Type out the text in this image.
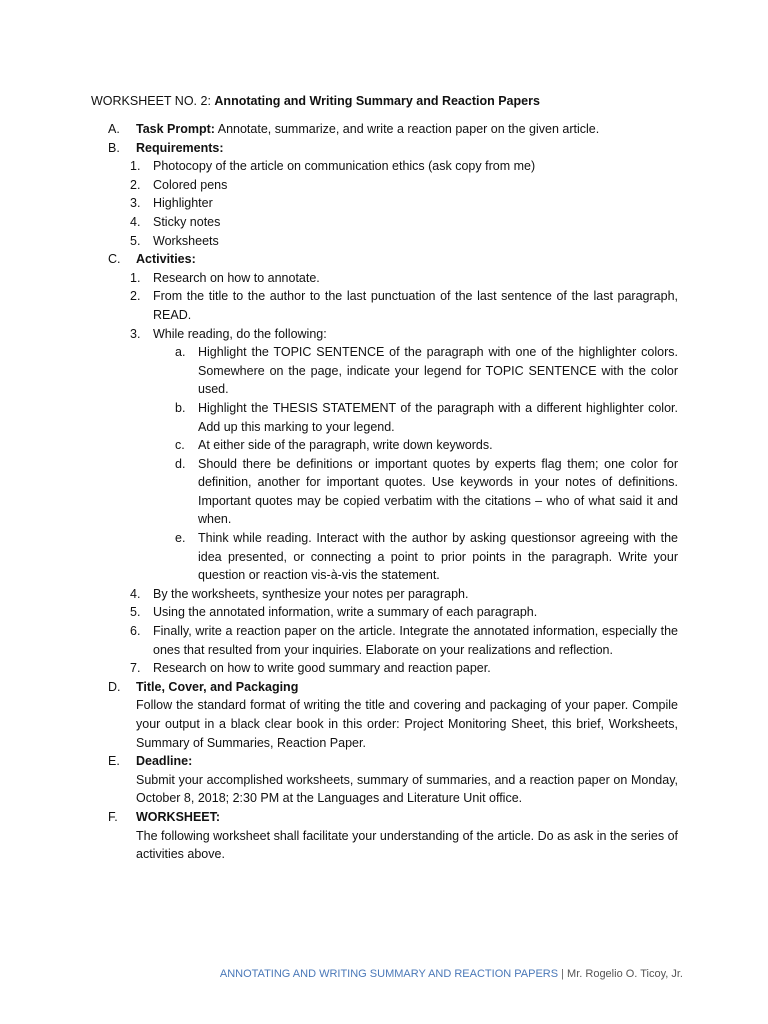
WORKSHEET NO. 2: Annotating and Writing Summary and Reaction Papers
A.	Task Prompt: Annotate, summarize, and write a reaction paper on the given article.
B.	Requirements:
1. Photocopy of the article on communication ethics (ask copy from me)
2. Colored pens
3. Highlighter
4. Sticky notes
5. Worksheets
C.	Activities:
1. Research on how to annotate.
2. From the title to the author to the last punctuation of the last sentence of the last paragraph, READ.
3. While reading, do the following:
a. Highlight the TOPIC SENTENCE of the paragraph with one of the highlighter colors. Somewhere on the page, indicate your legend for TOPIC SENTENCE with the color used.
b. Highlight the THESIS STATEMENT of the paragraph with a different highlighter color. Add up this marking to your legend.
c. At either side of the paragraph, write down keywords.
d. Should there be definitions or important quotes by experts flag them; one color for definition, another for important quotes. Use keywords in your notes of definitions. Important quotes may be copied verbatim with the citations – who of what said it and when.
e. Think while reading. Interact with the author by asking questionsor agreeing with the idea presented, or connecting a point to prior points in the paragraph. Write your question or reaction vis-à-vis the statement.
4. By the worksheets, synthesize your notes per paragraph.
5. Using the annotated information, write a summary of each paragraph.
6. Finally, write a reaction paper on the article. Integrate the annotated information, especially the ones that resulted from your inquiries. Elaborate on your realizations and reflection.
7. Research on how to write good summary and reaction paper.
D.	Title, Cover, and Packaging
Follow the standard format of writing the title and covering and packaging of your paper. Compile your output in a black clear book in this order: Project Monitoring Sheet, this brief, Worksheets, Summary of Summaries, Reaction Paper.
E.	Deadline:
Submit your accomplished worksheets, summary of summaries, and a reaction paper on Monday, October 8, 2018; 2:30 PM at the Languages and Literature Unit office.
F.	WORKSHEET:
The following worksheet shall facilitate your understanding of the article. Do as ask in the series of activities above.
ANNOTATING AND WRITING SUMMARY AND REACTION PAPERS | Mr. Rogelio O. Ticoy, Jr.
